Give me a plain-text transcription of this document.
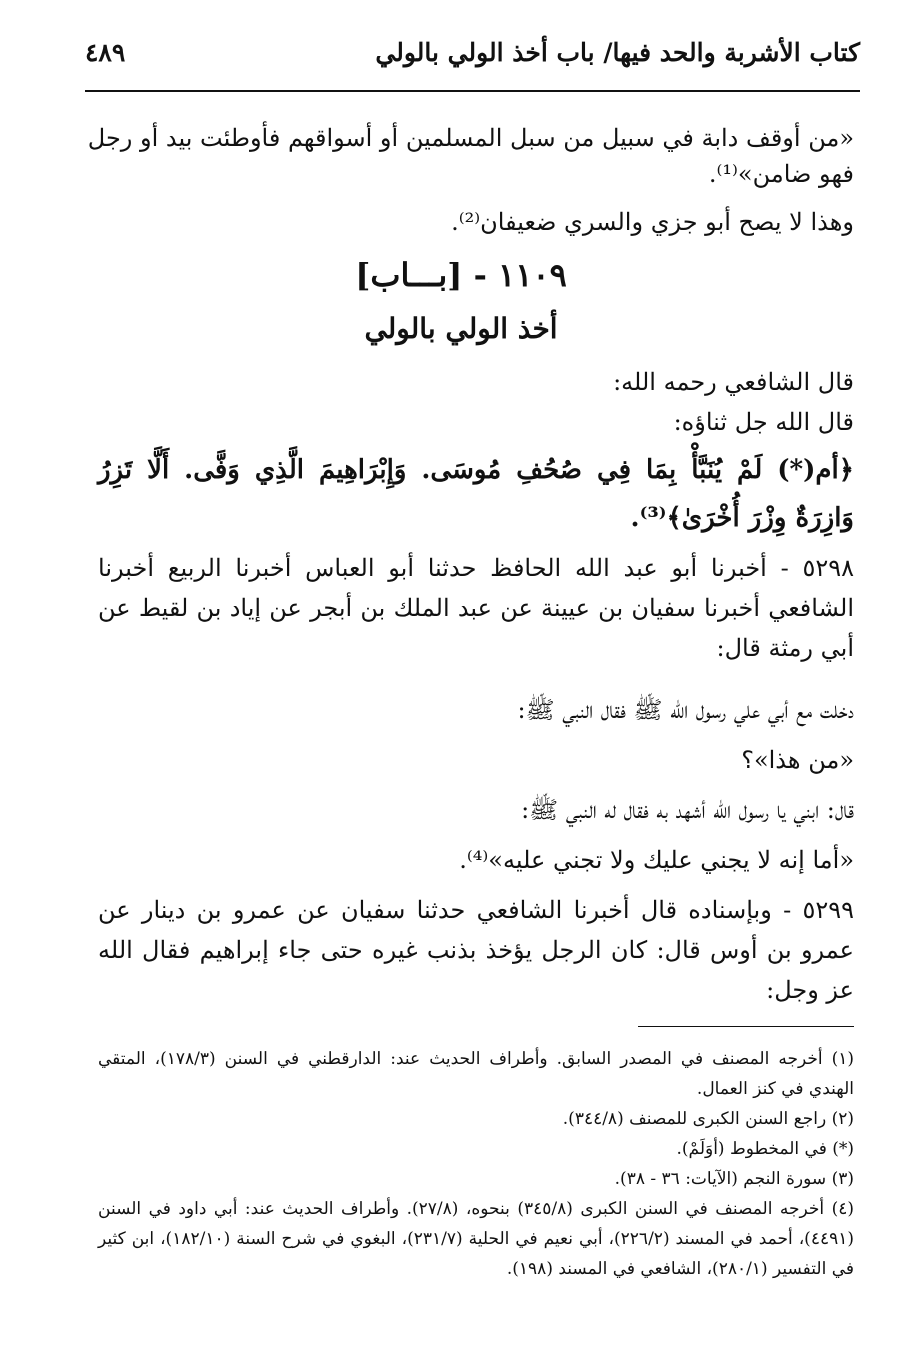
كتاب الأشربة والحد فيها/ باب أخذ الولي بالولي
٤٨٩
«من أوقف دابة في سبيل من سبل المسلمين أو أسواقهم فأوطئت بيد أو رجل
فهو ضامن»⁽¹⁾.
وهذا لا يصح أبو جزي والسري ضعيفان⁽²⁾.
١١٠٩ - [بـــاب]
أخذ الولي بالولي
قال الشافعي رحمه الله:
قال الله جل ثناؤه:
﴿أم(*) لَمْ يُنَبَّأْ بِمَا فِي صُحُفِ مُوسَى. وَإِبْرَاهِيمَ الَّذِي وَفَّى. أَلَّا تَزِرُ وَازِرَةٌ وِزْرَ أُخْرَىٰ﴾⁽³⁾.
٥٢٩٨ - أخبرنا أبو عبد الله الحافظ حدثنا أبو العباس أخبرنا الربيع أخبرنا الشافعي أخبرنا سفيان بن عيينة عن عبد الملك بن أبجر عن إياد بن لقيط عن أبي رمثة قال:
دخلت مع أبي علي رسول الله ﷺ فقال النبي ﷺ:
«من هذا»؟
قال: ابني يا رسول الله أشهد به فقال له النبي ﷺ:
«أما إنه لا يجني عليك ولا تجني عليه»⁽⁴⁾.
٥٢٩٩ - وبإسناده قال أخبرنا الشافعي حدثنا سفيان عن عمرو بن دينار عن عمرو بن أوس قال: كان الرجل يؤخذ بذنب غيره حتى جاء إبراهيم فقال الله عز وجل:
(١) أخرجه المصنف في المصدر السابق. وأطراف الحديث عند: الدارقطني في السنن (١٧٨/٣)، المتقي الهندي في كنز العمال.
(٢) راجع السنن الكبرى للمصنف (٣٤٤/٨).
(*) في المخطوط (أوَلَمْ).
(٣) سورة النجم (الآيات: ٣٦ - ٣٨).
(٤) أخرجه المصنف في السنن الكبرى (٣٤٥/٨) بنحوه، (٢٧/٨). وأطراف الحديث عند: أبي داود في السنن (٤٤٩١)، أحمد في المسند (٢٢٦/٢)، أبي نعيم في الحلية (٢٣١/٧)، البغوي في شرح السنة (١٨٢/١٠)، ابن كثير في التفسير (٢٨٠/١)، الشافعي في المسند (١٩٨).
